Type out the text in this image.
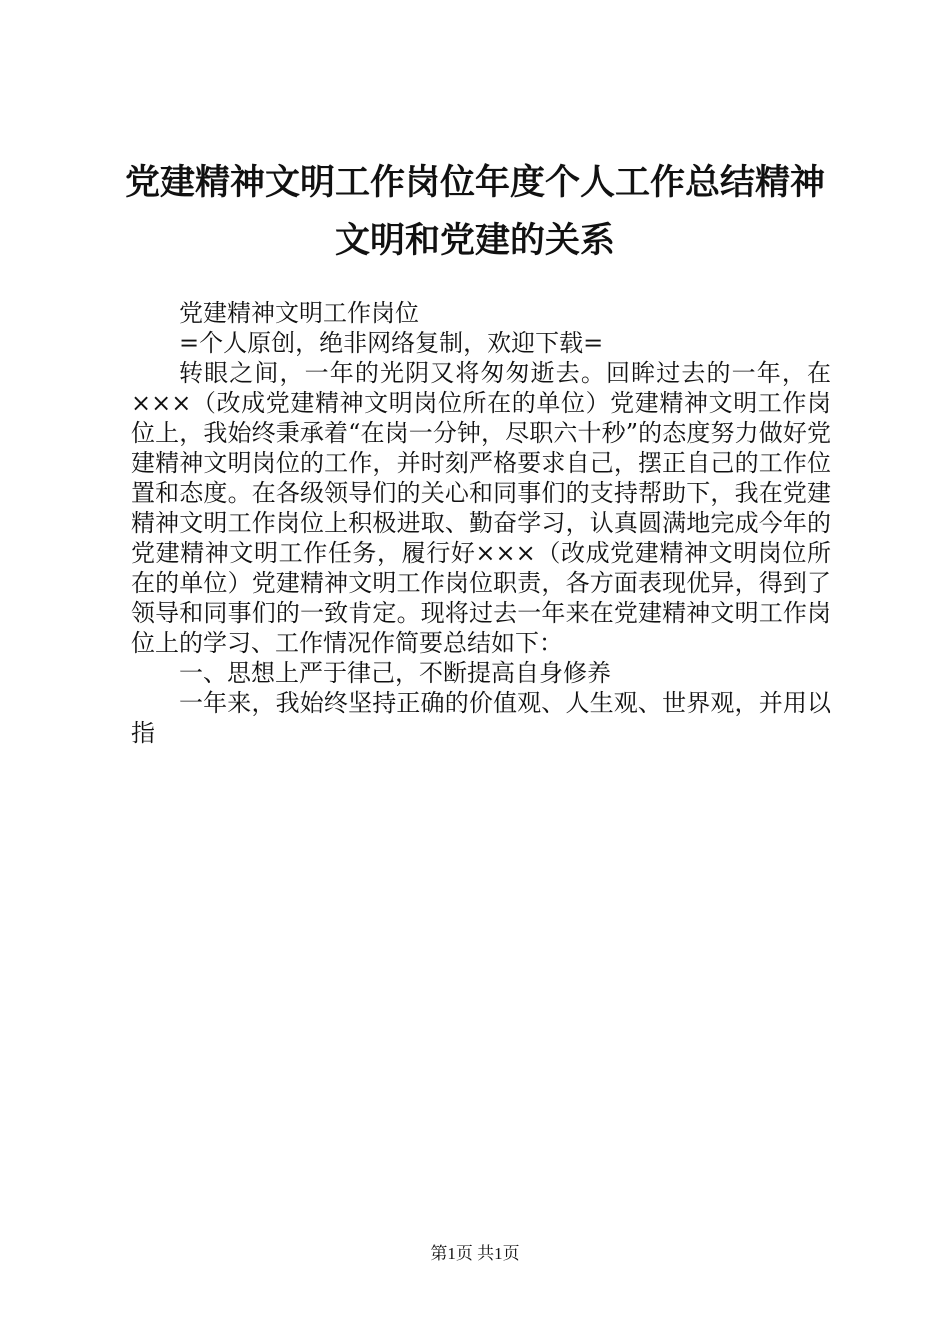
党建精神文明工作岗位年度个人工作总结精神
文明和党建的关系

党建精神文明工作岗位

=个人原创，绝非网络复制，欢迎下载=

转眼之间，一年的光阴又将匆匆逝去。回眸过去的一年，在×××（改成党建精神文明岗位所在的单位）党建精神文明工作岗位上，我始终秉承着“在岗一分钟，尽职六十秒”的态度努力做好党建精神文明岗位的工作，并时刻严格要求自己，摆正自己的工作位置和态度。在各级领导们的关心和同事们的支持帮助下，我在党建精神文明工作岗位上积极进取、勤奋学习，认真圆满地完成今年的党建精神文明工作任务，履行好×××（改成党建精神文明岗位所在的单位）党建精神文明工作岗位职责，各方面表现优异，得到了领导和同事们的一致肯定。现将过去一年来在党建精神文明工作岗位上的学习、工作情况作简要总结如下：

一、思想上严于律己，不断提高自身修养

一年来，我始终坚持正确的价值观、人生观、世界观，并用以指

第1页 共1页
